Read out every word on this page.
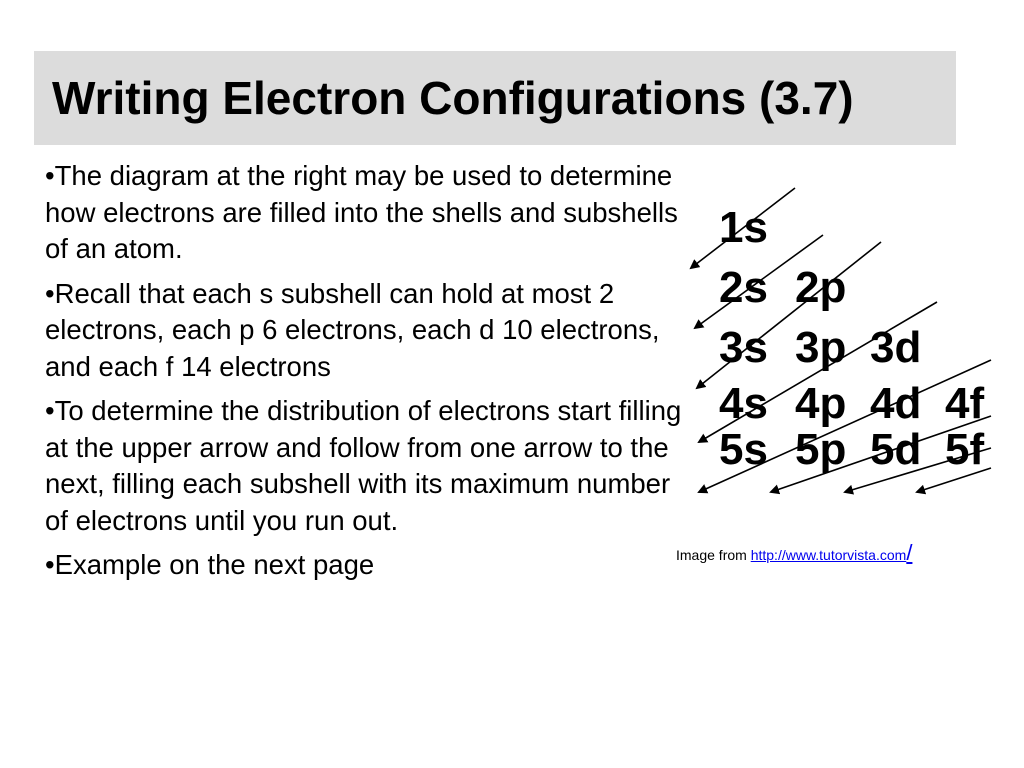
Writing Electron Configurations (3.7)
•The diagram at the right may be used to determine how electrons are filled into the shells and subshells of an atom.
•Recall that each s subshell can hold at most 2 electrons, each p 6 electrons, each d 10 electrons, and each f 14 electrons
•To determine the distribution of electrons start filling at the upper arrow and follow from one arrow to the next, filling each subshell with its maximum number of electrons until you run out.
•Example on the next page
1s
2s 2p
3s 3p 3d
4s 4p 4d 4f
5s 5p 5d 5f
Image from http://www.tutorvista.com/
